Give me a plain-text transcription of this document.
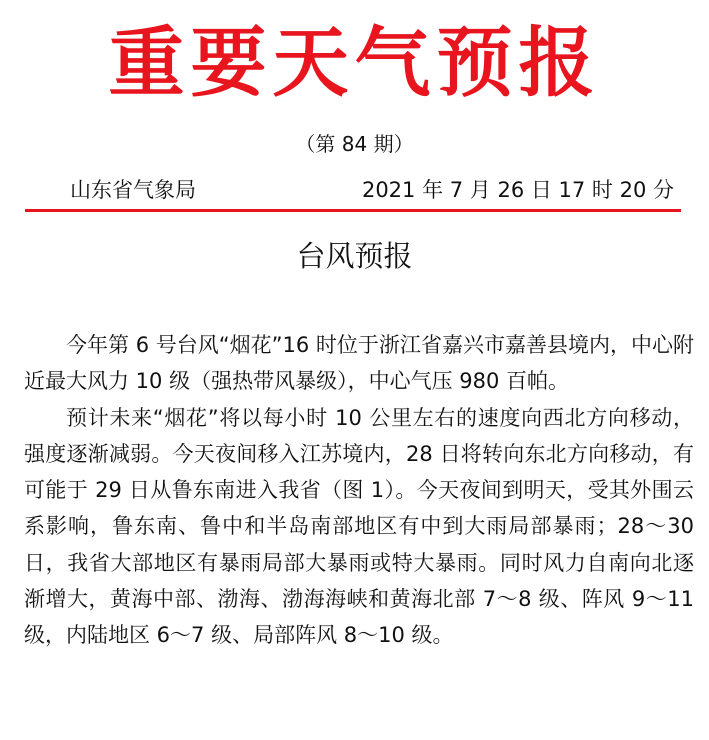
重要天气预报
（第 84 期）
山东省气象局	2021 年 7 月 26 日 17 时 20 分
台风预报

今年第 6 号台风“烟花”16 时位于浙江省嘉兴市嘉善县境内，中心附近最大风力 10 级（强热带风暴级），中心气压 980 百帕。

预计未来“烟花”将以每小时 10 公里左右的速度向西北方向移动，强度逐渐减弱。今天夜间移入江苏境内，28 日将转向东北方向移动，有可能于 29 日从鲁东南进入我省（图 1）。今天夜间到明天，受其外围云系影响，鲁东南、鲁中和半岛南部地区有中到大雨局部暴雨；28～30 日，我省大部地区有暴雨局部大暴雨或特大暴雨。同时风力自南向北逐渐增大，黄海中部、渤海、渤海海峡和黄海北部 7～8 级、阵风 9～11 级，内陆地区 6～7 级、局部阵风 8～10 级。
